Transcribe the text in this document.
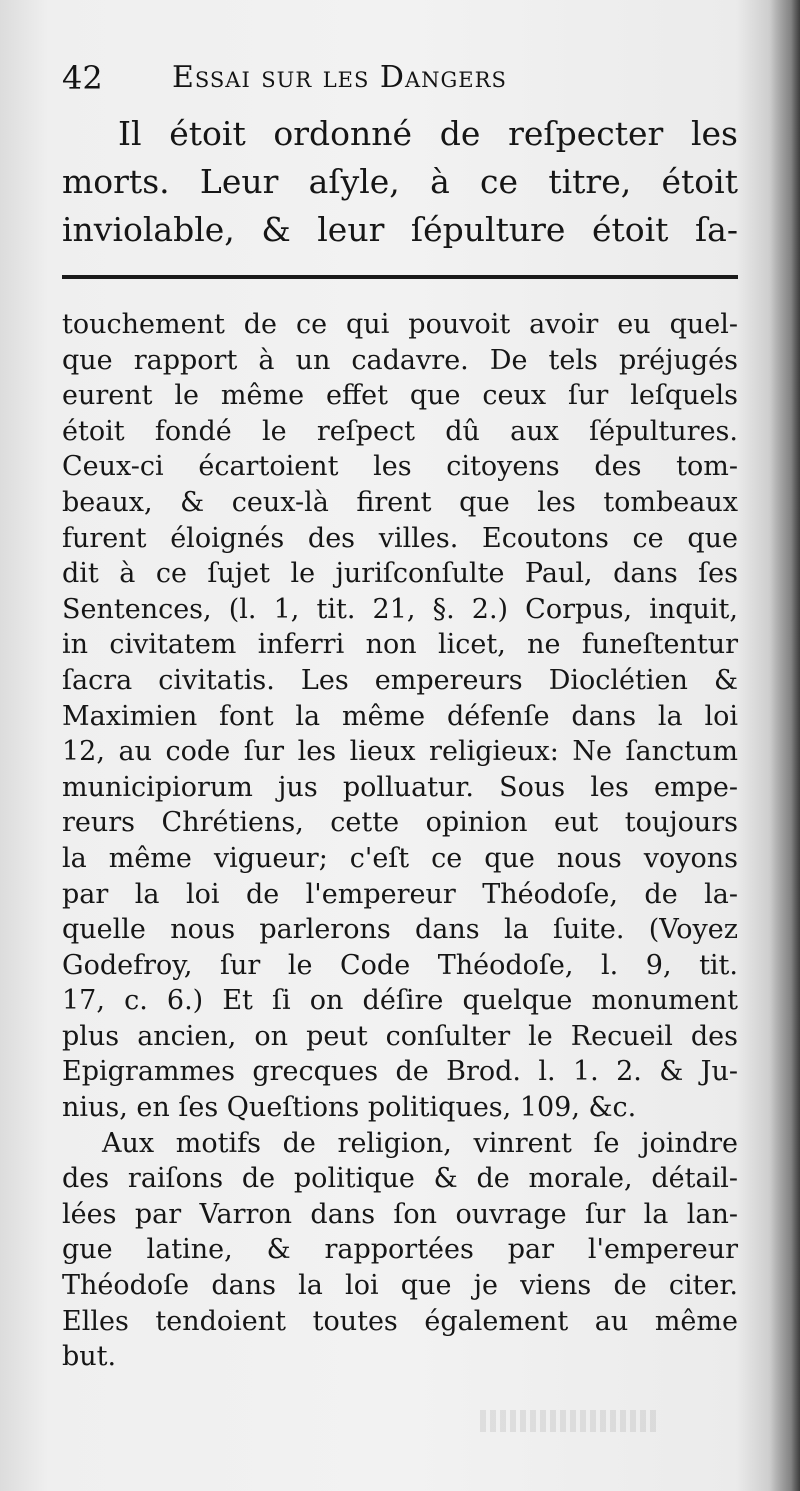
42 Essai sur les Dangers

Il étoit ordonné de reſpecter les
morts. Leur aſyle, à ce titre, étoit
inviolable, & leur ſépulture étoit ſa-

touchement de ce qui pouvoit avoir eu quel-
que rapport à un cadavre. De tels préjugés
eurent le même effet que ceux ſur leſquels
étoit fondé le reſpect dû aux ſépultures.
Ceux-ci écartoient les citoyens des tom-
beaux, & ceux-là firent que les tombeaux
furent éloignés des villes. Ecoutons ce que
dit à ce ſujet le juriſconſulte Paul, dans ſes
Sentences, (l. 1, tit. 21, §. 2.) Corpus, inquit,
in civitatem inferri non licet, ne funeſtentur
ſacra civitatis. Les empereurs Dioclétien &
Maximien font la même défenſe dans la loi
12, au code ſur les lieux religieux: Ne ſanctum
municipiorum jus polluatur. Sous les empe-
reurs Chrétiens, cette opinion eut toujours
la même vigueur; c'eſt ce que nous voyons
par la loi de l'empereur Théodoſe, de la-
quelle nous parlerons dans la ſuite. (Voyez
Godefroy, ſur le Code Théodoſe, l. 9, tit.
17, c. 6.) Et ſi on déſire quelque monument
plus ancien, on peut conſulter le Recueil des
Epigrammes grecques de Brod. l. 1. 2. & Ju-
nius, en ſes Queſtions politiques, 109, &c.
Aux motifs de religion, vinrent ſe joindre
des raiſons de politique & de morale, détail-
lées par Varron dans ſon ouvrage ſur la lan-
gue latine, & rapportées par l'empereur
Théodoſe dans la loi que je viens de citer.
Elles tendoient toutes également au même
but.
